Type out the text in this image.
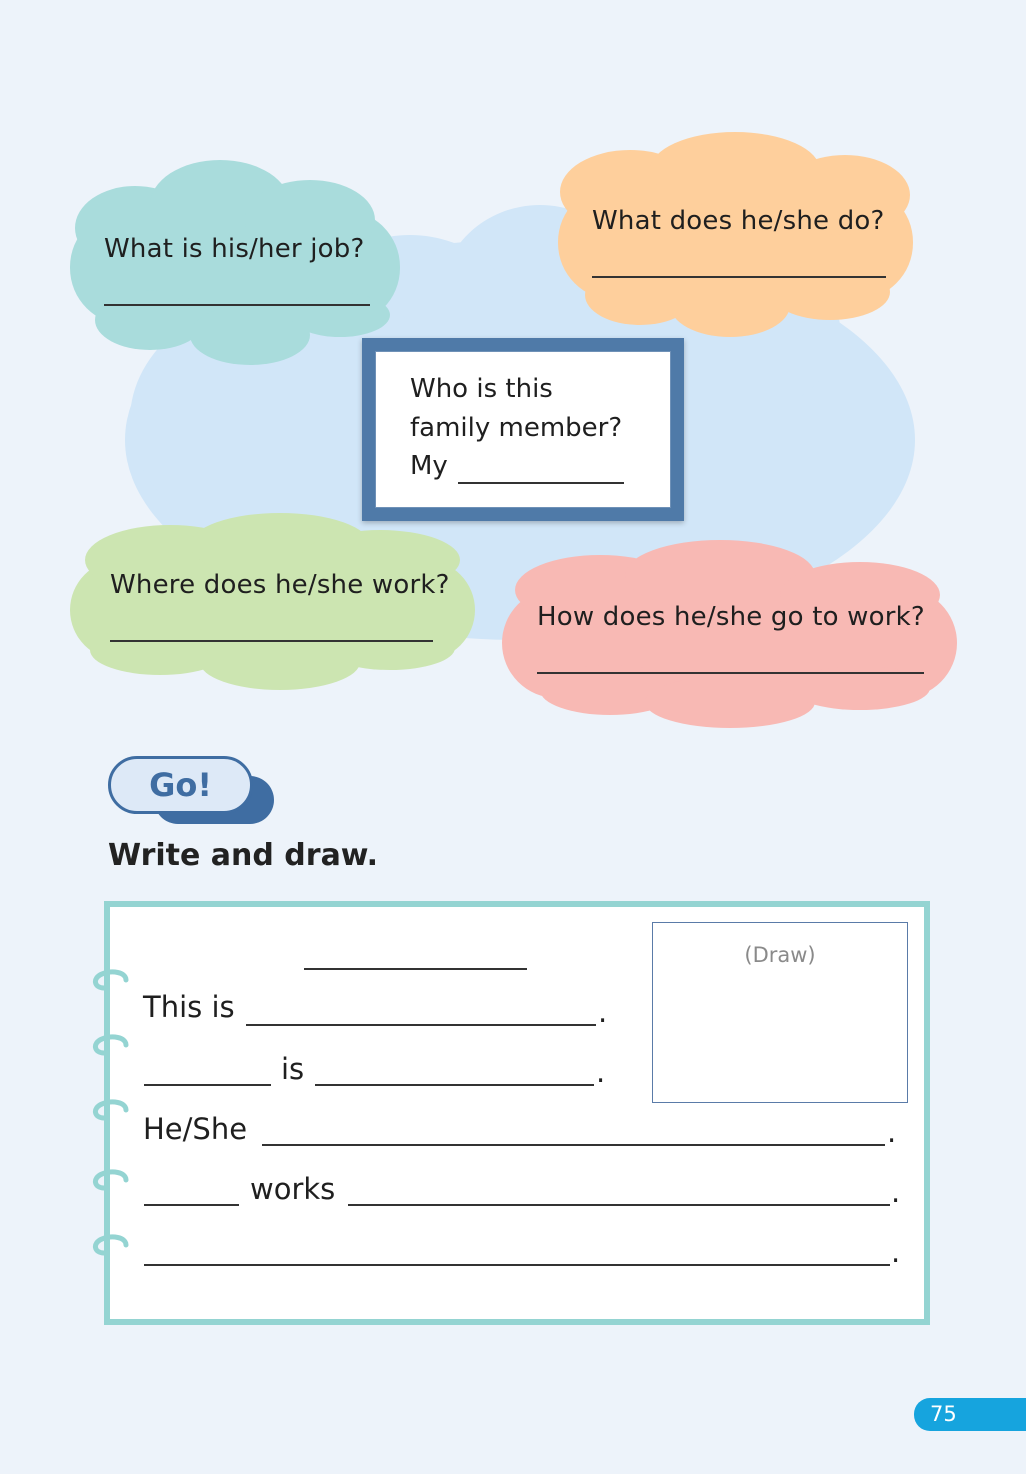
What is his/her job?
What does he/she do?
Where does he/she work?
How does he/she go to work?
Who is this
family member?
My
Go!
Write and draw.
This is	.
is	.
He/She	.
works	.
.
(Draw)
75
